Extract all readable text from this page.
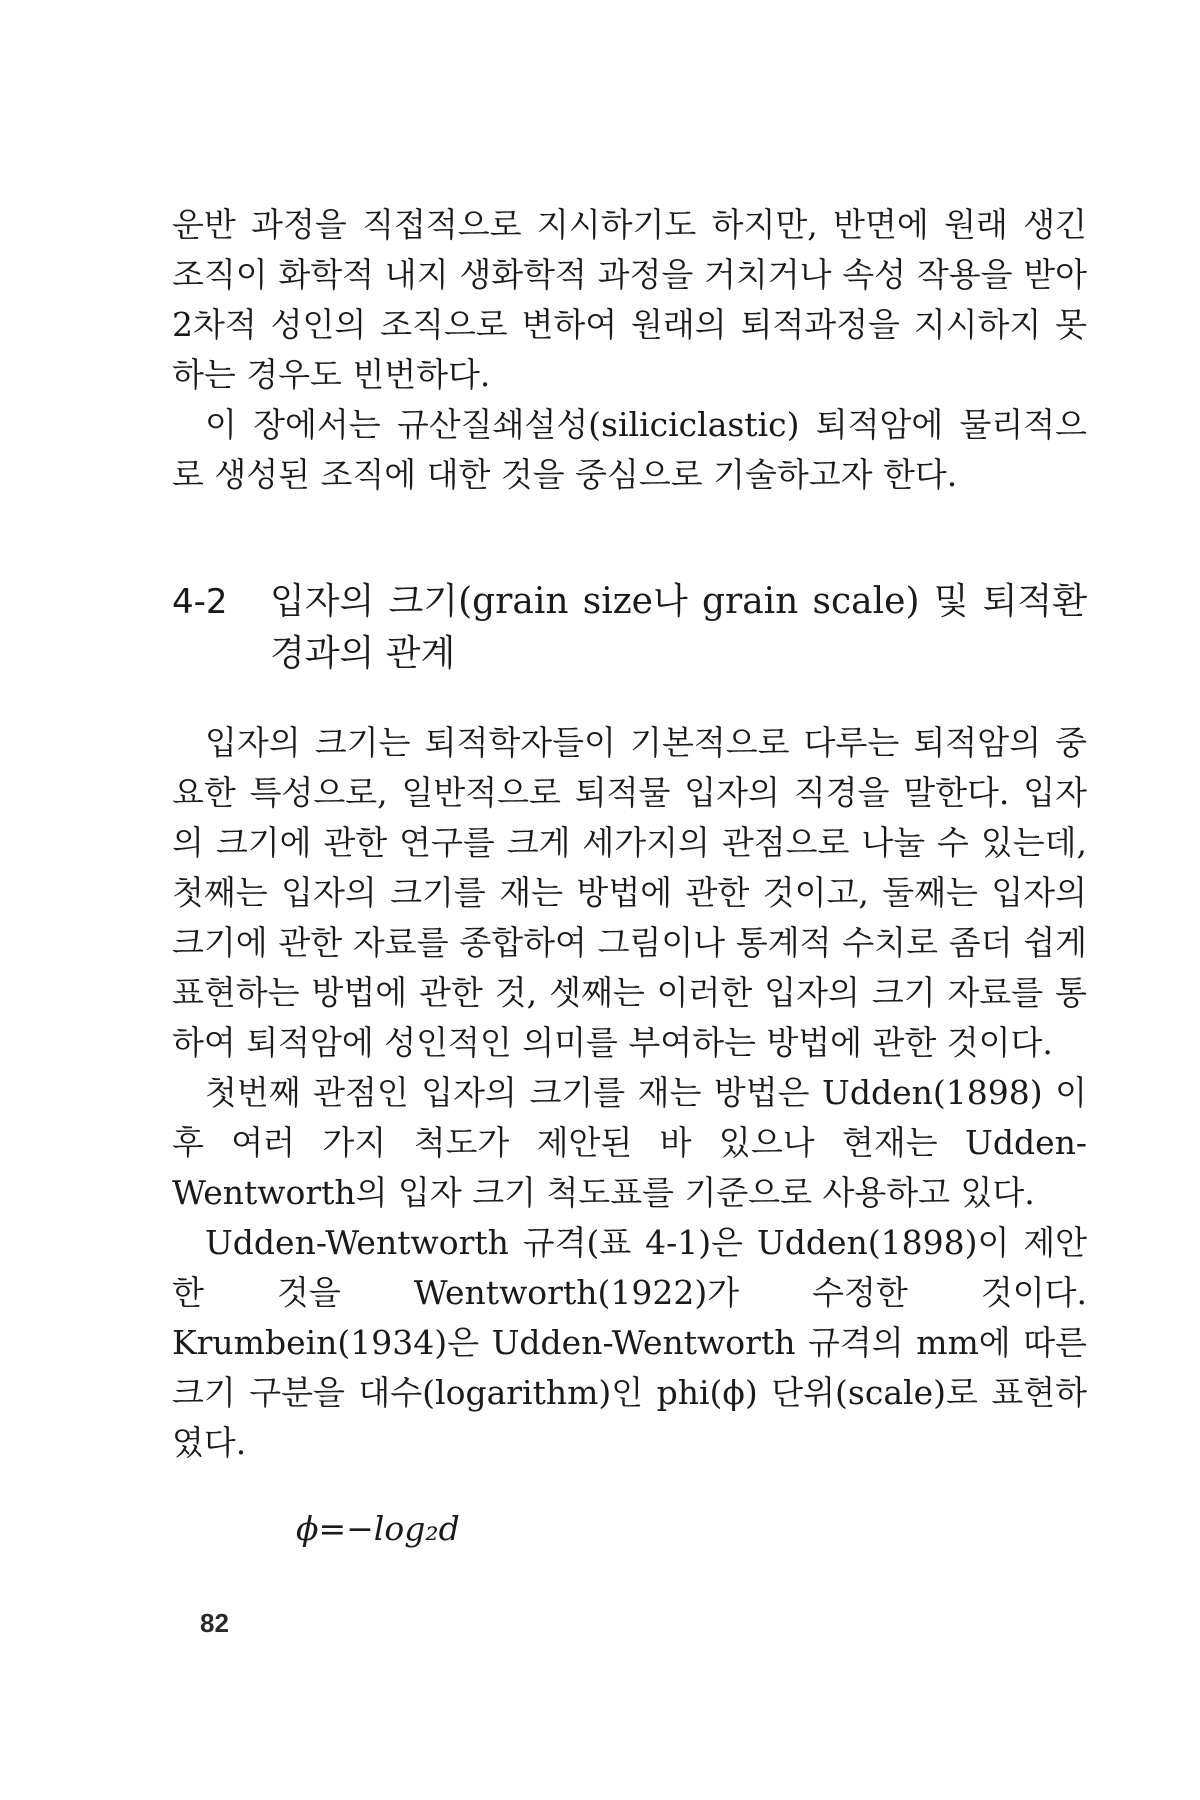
운반 과정을 직접적으로 지시하기도 하지만, 반면에 원래 생긴 조직이 화학적 내지 생화학적 과정을 거치거나 속성 작용을 받아 2차적 성인의 조직으로 변하여 원래의 퇴적과정을 지시하지 못하는 경우도 빈번하다.

이 장에서는 규산질쇄설성(siliciclastic) 퇴적암에 물리적으로 생성된 조직에 대한 것을 중심으로 기술하고자 한다.

4-2	입자의 크기(grain size나 grain scale) 및 퇴적환경과의 관계

입자의 크기는 퇴적학자들이 기본적으로 다루는 퇴적암의 중요한 특성으로, 일반적으로 퇴적물 입자의 직경을 말한다. 입자의 크기에 관한 연구를 크게 세가지의 관점으로 나눌 수 있는데, 첫째는 입자의 크기를 재는 방법에 관한 것이고, 둘째는 입자의 크기에 관한 자료를 종합하여 그림이나 통계적 수치로 좀더 쉽게 표현하는 방법에 관한 것, 셋째는 이러한 입자의 크기 자료를 통하여 퇴적암에 성인적인 의미를 부여하는 방법에 관한 것이다.

첫번째 관점인 입자의 크기를 재는 방법은 Udden(1898) 이후 여러 가지 척도가 제안된 바 있으나 현재는 Udden-Wentworth의 입자 크기 척도표를 기준으로 사용하고 있다.

Udden-Wentworth 규격(표 4-1)은 Udden(1898)이 제안한 것을 Wentworth(1922)가 수정한 것이다. Krumbein(1934)은 Udden-Wentworth 규격의 mm에 따른 크기 구분을 대수(logarithm)인 phi(ϕ) 단위(scale)로 표현하였다.

ϕ=−log₂d
82
